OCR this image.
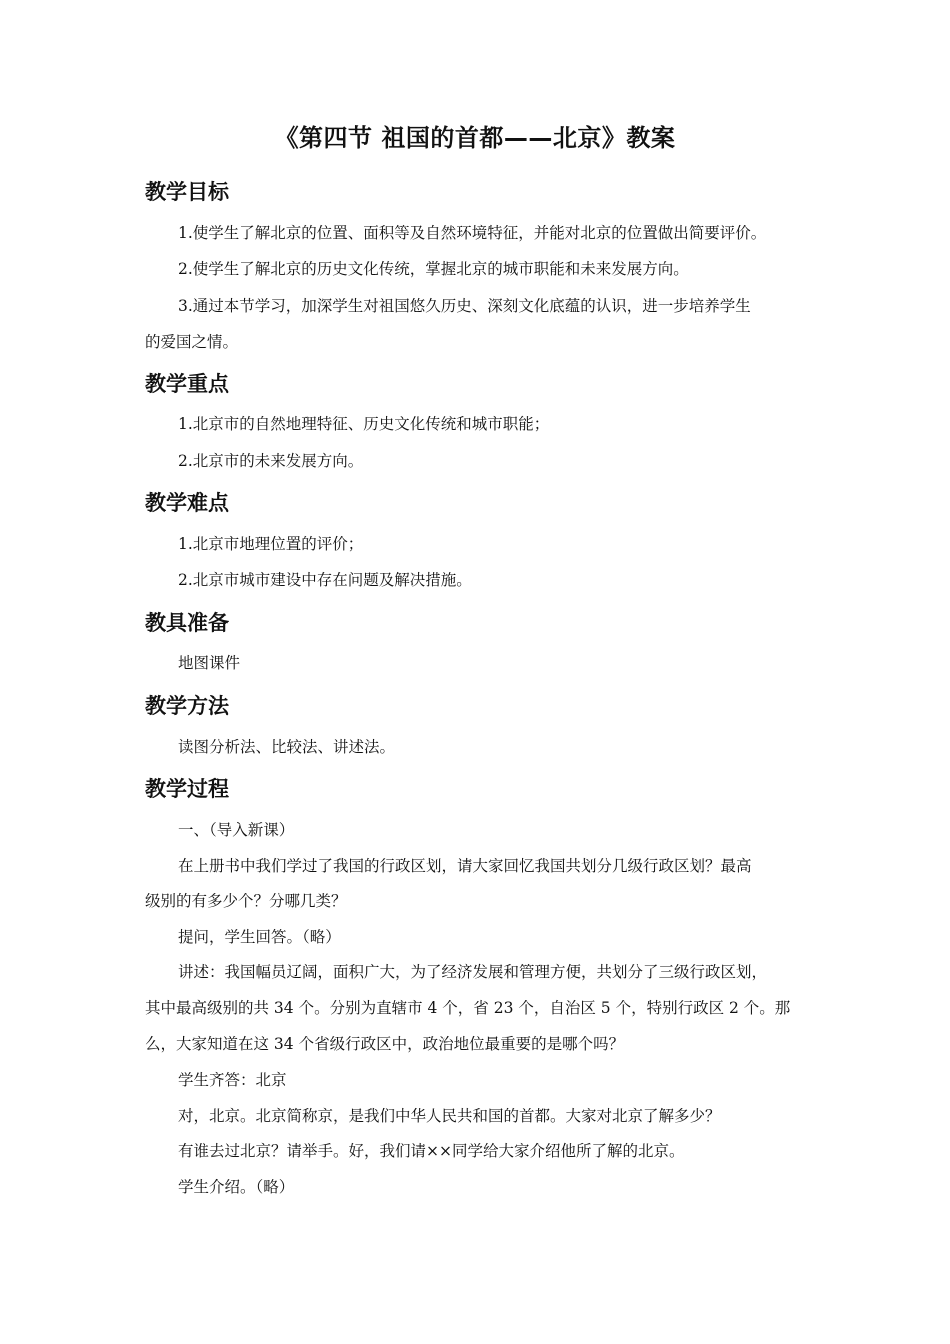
《第四节 祖国的首都——北京》教案
教学目标
1.使学生了解北京的位置、面积等及自然环境特征，并能对北京的位置做出简要评价。
2.使学生了解北京的历史文化传统，掌握北京的城市职能和未来发展方向。
3.通过本节学习，加深学生对祖国悠久历史、深刻文化底蕴的认识，进一步培养学生
的爱国之情。
教学重点
1.北京市的自然地理特征、历史文化传统和城市职能；
2.北京市的未来发展方向。
教学难点
1.北京市地理位置的评价；
2.北京市城市建设中存在问题及解决措施。
教具准备
地图课件
教学方法
读图分析法、比较法、讲述法。
教学过程
一、（导入新课）
在上册书中我们学过了我国的行政区划，请大家回忆我国共划分几级行政区划？最高
级别的有多少个？分哪几类？
提问，学生回答。（略）
讲述：我国幅员辽阔，面积广大，为了经济发展和管理方便，共划分了三级行政区划，
其中最高级别的共 34 个。分别为直辖市 4 个，省 23 个，自治区 5 个，特别行政区 2 个。那
么，大家知道在这 34 个省级行政区中，政治地位最重要的是哪个吗？
学生齐答：北京
对，北京。北京简称京，是我们中华人民共和国的首都。大家对北京了解多少？
有谁去过北京？请举手。好，我们请××同学给大家介绍他所了解的北京。
学生介绍。（略）
